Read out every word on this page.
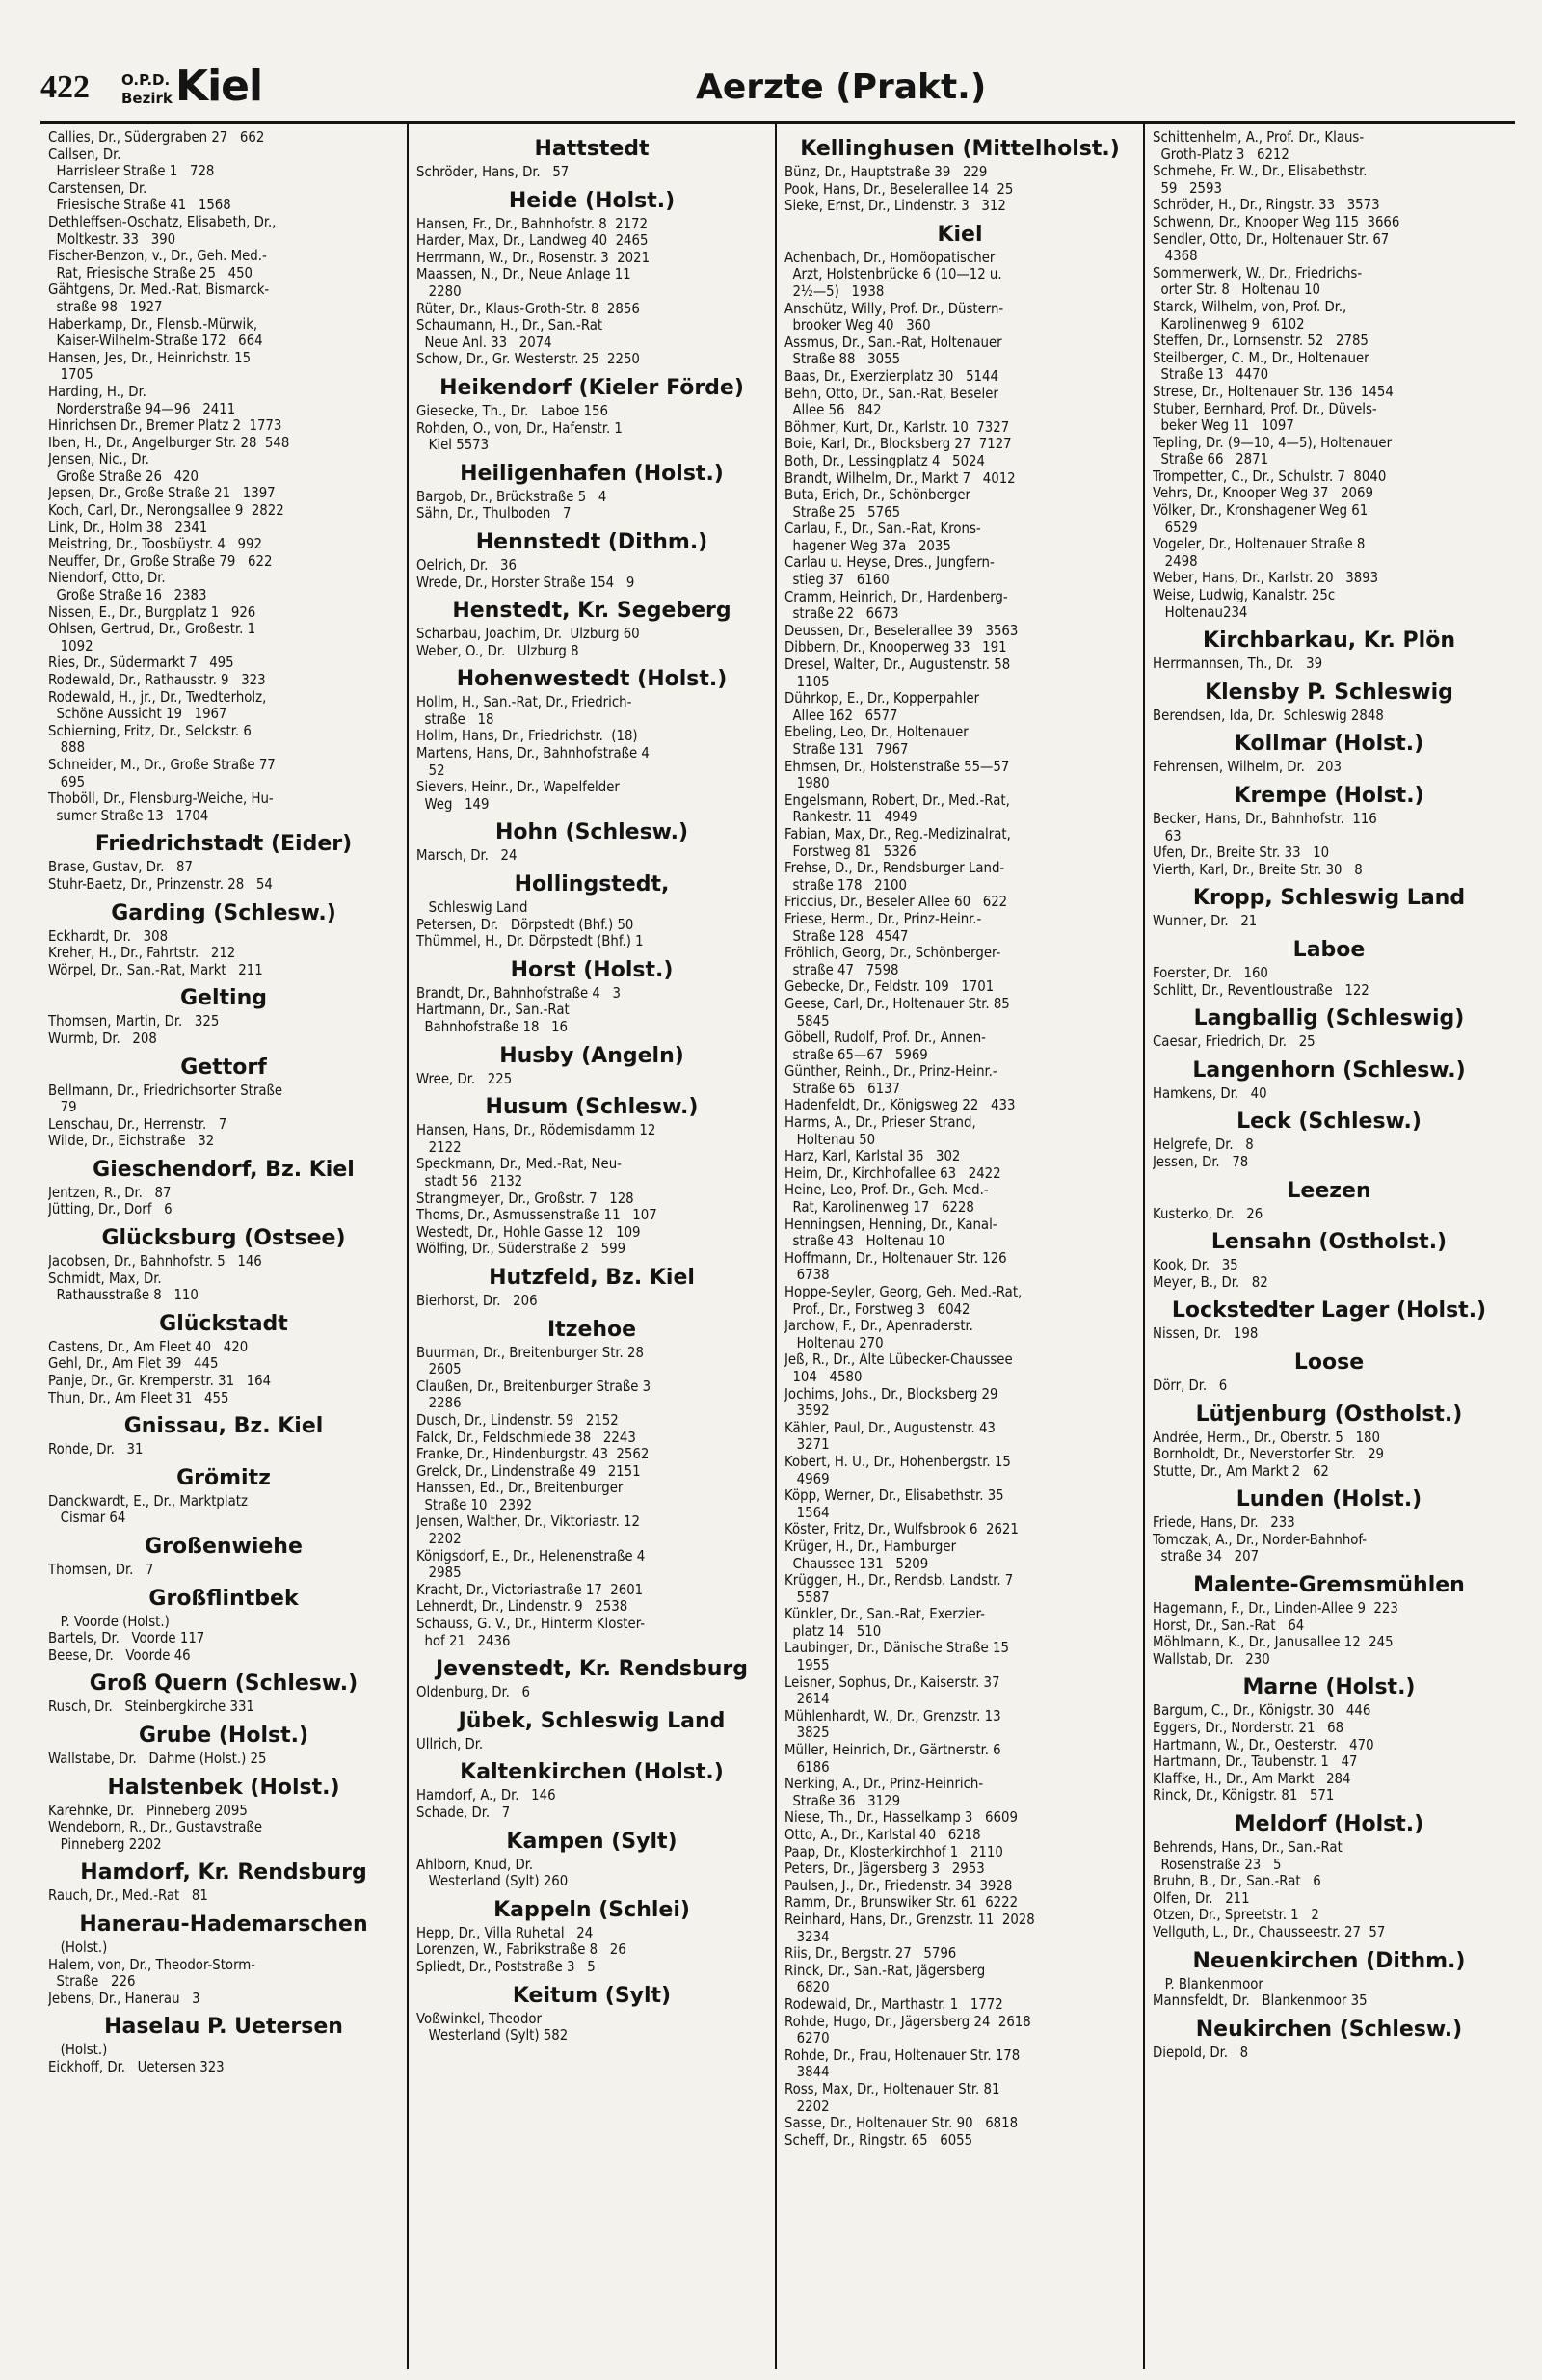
422 O.P.D.
Bezirk Kiel	Aerzte (Prakt.)
Callies, Dr., Südergraben 27   662
Callsen, Dr.
Harrisleer Straße 1   728
Carstensen, Dr.
Friesische Straße 41   1568
Dethleffsen-Oschatz, Elisabeth, Dr.,
Moltkestr. 33   390
Fischer-Benzon, v., Dr., Geh. Med.-
Rat, Friesische Straße 25   450
Gähtgens, Dr. Med.-Rat, Bismarck-
straße 98   1927
Haberkamp, Dr., Flensb.-Mürwik,
Kaiser-Wilhelm-Straße 172   664
Hansen, Jes, Dr., Heinrichstr. 15
1705
Harding, H., Dr.
Norderstraße 94—96   2411
Hinrichsen Dr., Bremer Platz 2  1773
Iben, H., Dr., Angelburger Str. 28  548
Jensen, Nic., Dr.
Große Straße 26   420
Jepsen, Dr., Große Straße 21   1397
Koch, Carl, Dr., Nerongsallee 9  2822
Link, Dr., Holm 38   2341
Meistring, Dr., Toosbüystr. 4   992
Neuffer, Dr., Große Straße 79   622
Niendorf, Otto, Dr.
Große Straße 16   2383
Nissen, E., Dr., Burgplatz 1   926
Ohlsen, Gertrud, Dr., Großestr. 1
1092
Ries, Dr., Südermarkt 7   495
Rodewald, Dr., Rathausstr. 9   323
Rodewald, H., jr., Dr., Twedterholz,
Schöne Aussicht 19   1967
Schierning, Fritz, Dr., Selckstr. 6
888
Schneider, M., Dr., Große Straße 77
695
Thoböll, Dr., Flensburg-Weiche, Hu-
sumer Straße 13   1704
Friedrichstadt (Eider)
Brase, Gustav, Dr.   87
Stuhr-Baetz, Dr., Prinzenstr. 28   54
Garding (Schlesw.)
Eckhardt, Dr.   308
Kreher, H., Dr., Fahrtstr.   212
Wörpel, Dr., San.-Rat, Markt   211
Gelting
Thomsen, Martin, Dr.   325
Wurmb, Dr.   208
Gettorf
Bellmann, Dr., Friedrichsorter Straße
79
Lenschau, Dr., Herrenstr.   7
Wilde, Dr., Eichstraße   32
Gieschendorf, Bz. Kiel
Jentzen, R., Dr.   87
Jütting, Dr., Dorf   6
Glücksburg (Ostsee)
Jacobsen, Dr., Bahnhofstr. 5   146
Schmidt, Max, Dr.
Rathausstraße 8   110
Glückstadt
Castens, Dr., Am Fleet 40   420
Gehl, Dr., Am Flet 39   445
Panje, Dr., Gr. Kremperstr. 31   164
Thun, Dr., Am Fleet 31   455
Gnissau, Bz. Kiel
Rohde, Dr.   31
Grömitz
Danckwardt, E., Dr., Marktplatz
Cismar 64
Großenwiehe
Thomsen, Dr.   7
Großflintbek
P. Voorde (Holst.)
Bartels, Dr.   Voorde 117
Beese, Dr.   Voorde 46
Groß Quern (Schlesw.)
Rusch, Dr.   Steinbergkirche 331
Grube (Holst.)
Wallstabe, Dr.   Dahme (Holst.) 25
Halstenbek (Holst.)
Karehnke, Dr.   Pinneberg 2095
Wendeborn, R., Dr., Gustavstraße
Pinneberg 2202
Hamdorf, Kr. Rendsburg
Rauch, Dr., Med.-Rat   81
Hanerau-Hademarschen
(Holst.)
Halem, von, Dr., Theodor-Storm-
Straße   226
Jebens, Dr., Hanerau   3
Haselau P. Uetersen
(Holst.)
Eickhoff, Dr.   Uetersen 323
Hattstedt
Schröder, Hans, Dr.   57
Heide (Holst.)
Hansen, Fr., Dr., Bahnhofstr. 8  2172
Harder, Max, Dr., Landweg 40  2465
Herrmann, W., Dr., Rosenstr. 3  2021
Maassen, N., Dr., Neue Anlage 11
2280
Rüter, Dr., Klaus-Groth-Str. 8  2856
Schaumann, H., Dr., San.-Rat
Neue Anl. 33   2074
Schow, Dr., Gr. Westerstr. 25  2250
Heikendorf (Kieler Förde)
Giesecke, Th., Dr.   Laboe 156
Rohden, O., von, Dr., Hafenstr. 1
Kiel 5573
Heiligenhafen (Holst.)
Bargob, Dr., Brückstraße 5   4
Sähn, Dr., Thulboden   7
Hennstedt (Dithm.)
Oelrich, Dr.   36
Wrede, Dr., Horster Straße 154   9
Henstedt, Kr. Segeberg
Scharbau, Joachim, Dr.  Ulzburg 60
Weber, O., Dr.   Ulzburg 8
Hohenwestedt (Holst.)
Hollm, H., San.-Rat, Dr., Friedrich-
straße   18
Hollm, Hans, Dr., Friedrichstr.  (18)
Martens, Hans, Dr., Bahnhofstraße 4
52
Sievers, Heinr., Dr., Wapelfelder
Weg   149
Hohn (Schlesw.)
Marsch, Dr.   24
Hollingstedt,
Schleswig Land
Petersen, Dr.   Dörpstedt (Bhf.) 50
Thümmel, H., Dr. Dörpstedt (Bhf.) 1
Horst (Holst.)
Brandt, Dr., Bahnhofstraße 4   3
Hartmann, Dr., San.-Rat
Bahnhofstraße 18   16
Husby (Angeln)
Wree, Dr.   225
Husum (Schlesw.)
Hansen, Hans, Dr., Rödemisdamm 12
2122
Speckmann, Dr., Med.-Rat, Neu-
stadt 56   2132
Strangmeyer, Dr., Großstr. 7   128
Thoms, Dr., Asmussenstraße 11   107
Westedt, Dr., Hohle Gasse 12   109
Wölfing, Dr., Süderstraße 2   599
Hutzfeld, Bz. Kiel
Bierhorst, Dr.   206
Itzehoe
Buurman, Dr., Breitenburger Str. 28
2605
Claußen, Dr., Breitenburger Straße 3
2286
Dusch, Dr., Lindenstr. 59   2152
Falck, Dr., Feldschmiede 38   2243
Franke, Dr., Hindenburgstr. 43  2562
Grelck, Dr., Lindenstraße 49   2151
Hanssen, Ed., Dr., Breitenburger
Straße 10   2392
Jensen, Walther, Dr., Viktoriastr. 12
2202
Königsdorf, E., Dr., Helenenstraße 4
2985
Kracht, Dr., Victoriastraße 17  2601
Lehnerdt, Dr., Lindenstr. 9   2538
Schauss, G. V., Dr., Hinterm Kloster-
hof 21   2436
Jevenstedt, Kr. Rendsburg
Oldenburg, Dr.   6
Jübek, Schleswig Land
Ullrich, Dr.
Kaltenkirchen (Holst.)
Hamdorf, A., Dr.   146
Schade, Dr.   7
Kampen (Sylt)
Ahlborn, Knud, Dr.
Westerland (Sylt) 260
Kappeln (Schlei)
Hepp, Dr., Villa Ruhetal   24
Lorenzen, W., Fabrikstraße 8   26
Spliedt, Dr., Poststraße 3   5
Keitum (Sylt)
Voßwinkel, Theodor
Westerland (Sylt) 582
Kellinghusen (Mittelholst.)
Bünz, Dr., Hauptstraße 39   229
Pook, Hans, Dr., Beselerallee 14  25
Sieke, Ernst, Dr., Lindenstr. 3   312
Kiel
Achenbach, Dr., Homöopatischer
Arzt, Holstenbrücke 6 (10—12 u.
2½—5)   1938
Anschütz, Willy, Prof. Dr., Düstern-
brooker Weg 40   360
Assmus, Dr., San.-Rat, Holtenauer
Straße 88   3055
Baas, Dr., Exerzierplatz 30   5144
Behn, Otto, Dr., San.-Rat, Beseler
Allee 56   842
Böhmer, Kurt, Dr., Karlstr. 10  7327
Boie, Karl, Dr., Blocksberg 27  7127
Both, Dr., Lessingplatz 4   5024
Brandt, Wilhelm, Dr., Markt 7   4012
Buta, Erich, Dr., Schönberger
Straße 25   5765
Carlau, F., Dr., San.-Rat, Krons-
hagener Weg 37a   2035
Carlau u. Heyse, Dres., Jungfern-
stieg 37   6160
Cramm, Heinrich, Dr., Hardenberg-
straße 22   6673
Deussen, Dr., Beselerallee 39   3563
Dibbern, Dr., Knooperweg 33   191
Dresel, Walter, Dr., Augustenstr. 58
1105
Dührkop, E., Dr., Kopperpahler
Allee 162   6577
Ebeling, Leo, Dr., Holtenauer
Straße 131   7967
Ehmsen, Dr., Holstenstraße 55—57
1980
Engelsmann, Robert, Dr., Med.-Rat,
Rankestr. 11   4949
Fabian, Max, Dr., Reg.-Medizinalrat,
Forstweg 81   5326
Frehse, D., Dr., Rendsburger Land-
straße 178   2100
Friccius, Dr., Beseler Allee 60   622
Friese, Herm., Dr., Prinz-Heinr.-
Straße 128   4547
Fröhlich, Georg, Dr., Schönberger-
straße 47   7598
Gebecke, Dr., Feldstr. 109   1701
Geese, Carl, Dr., Holtenauer Str. 85
5845
Göbell, Rudolf, Prof. Dr., Annen-
straße 65—67   5969
Günther, Reinh., Dr., Prinz-Heinr.-
Straße 65   6137
Hadenfeldt, Dr., Königsweg 22   433
Harms, A., Dr., Prieser Strand,
Holtenau 50
Harz, Karl, Karlstal 36   302
Heim, Dr., Kirchhofallee 63   2422
Heine, Leo, Prof. Dr., Geh. Med.-
Rat, Karolinenweg 17   6228
Henningsen, Henning, Dr., Kanal-
straße 43   Holtenau 10
Hoffmann, Dr., Holtenauer Str. 126
6738
Hoppe-Seyler, Georg, Geh. Med.-Rat,
Prof., Dr., Forstweg 3   6042
Jarchow, F., Dr., Apenraderstr.
Holtenau 270
Jeß, R., Dr., Alte Lübecker-Chaussee
104   4580
Jochims, Johs., Dr., Blocksberg 29
3592
Kähler, Paul, Dr., Augustenstr. 43
3271
Kobert, H. U., Dr., Hohenbergstr. 15
4969
Köpp, Werner, Dr., Elisabethstr. 35
1564
Köster, Fritz, Dr., Wulfsbrook 6  2621
Krüger, H., Dr., Hamburger
Chaussee 131   5209
Krüggen, H., Dr., Rendsb. Landstr. 7
5587
Künkler, Dr., San.-Rat, Exerzier-
platz 14   510
Laubinger, Dr., Dänische Straße 15
1955
Leisner, Sophus, Dr., Kaiserstr. 37
2614
Mühlenhardt, W., Dr., Grenzstr. 13
3825
Müller, Heinrich, Dr., Gärtnerstr. 6
6186
Nerking, A., Dr., Prinz-Heinrich-
Straße 36   3129
Niese, Th., Dr., Hasselkamp 3   6609
Otto, A., Dr., Karlstal 40   6218
Paap, Dr., Klosterkirchhof 1   2110
Peters, Dr., Jägersberg 3   2953
Paulsen, J., Dr., Friedenstr. 34  3928
Ramm, Dr., Brunswiker Str. 61  6222
Reinhard, Hans, Dr., Grenzstr. 11  2028
3234
Riis, Dr., Bergstr. 27   5796
Rinck, Dr., San.-Rat, Jägersberg
6820
Rodewald, Dr., Marthastr. 1   1772
Rohde, Hugo, Dr., Jägersberg 24  2618
6270
Rohde, Dr., Frau, Holtenauer Str. 178
3844
Ross, Max, Dr., Holtenauer Str. 81
2202
Sasse, Dr., Holtenauer Str. 90   6818
Scheff, Dr., Ringstr. 65   6055
Schittenhelm, A., Prof. Dr., Klaus-
Groth-Platz 3   6212
Schmehe, Fr. W., Dr., Elisabethstr.
59   2593
Schröder, H., Dr., Ringstr. 33   3573
Schwenn, Dr., Knooper Weg 115  3666
Sendler, Otto, Dr., Holtenauer Str. 67
4368
Sommerwerk, W., Dr., Friedrichs-
orter Str. 8   Holtenau 10
Starck, Wilhelm, von, Prof. Dr.,
Karolinenweg 9   6102
Steffen, Dr., Lornsenstr. 52   2785
Steilberger, C. M., Dr., Holtenauer
Straße 13   4470
Strese, Dr., Holtenauer Str. 136  1454
Stuber, Bernhard, Prof. Dr., Düvels-
beker Weg 11   1097
Tepling, Dr. (9—10, 4—5), Holtenauer
Straße 66   2871
Trompetter, C., Dr., Schulstr. 7  8040
Vehrs, Dr., Knooper Weg 37   2069
Völker, Dr., Kronshagener Weg 61
6529
Vogeler, Dr., Holtenauer Straße 8
2498
Weber, Hans, Dr., Karlstr. 20   3893
Weise, Ludwig, Kanalstr. 25c
Holtenau234
Kirchbarkau, Kr. Plön
Herrmannsen, Th., Dr.   39
Klensby P. Schleswig
Berendsen, Ida, Dr.  Schleswig 2848
Kollmar (Holst.)
Fehrensen, Wilhelm, Dr.   203
Krempe (Holst.)
Becker, Hans, Dr., Bahnhofstr.  116
63
Ufen, Dr., Breite Str. 33   10
Vierth, Karl, Dr., Breite Str. 30   8
Kropp, Schleswig Land
Wunner, Dr.   21
Laboe
Foerster, Dr.   160
Schlitt, Dr., Reventloustraße   122
Langballig (Schleswig)
Caesar, Friedrich, Dr.   25
Langenhorn (Schlesw.)
Hamkens, Dr.   40
Leck (Schlesw.)
Helgrefe, Dr.   8
Jessen, Dr.   78
Leezen
Kusterko, Dr.   26
Lensahn (Ostholst.)
Kook, Dr.   35
Meyer, B., Dr.   82
Lockstedter Lager (Holst.)
Nissen, Dr.   198
Loose
Dörr, Dr.   6
Lütjenburg (Ostholst.)
Andrée, Herm., Dr., Oberstr. 5   180
Bornholdt, Dr., Neverstorfer Str.   29
Stutte, Dr., Am Markt 2   62
Lunden (Holst.)
Friede, Hans, Dr.   233
Tomczak, A., Dr., Norder-Bahnhof-
straße 34   207
Malente-Gremsmühlen
Hagemann, F., Dr., Linden-Allee 9  223
Horst, Dr., San.-Rat   64
Möhlmann, K., Dr., Janusallee 12  245
Wallstab, Dr.   230
Marne (Holst.)
Bargum, C., Dr., Königstr. 30   446
Eggers, Dr., Norderstr. 21   68
Hartmann, W., Dr., Oesterstr.   470
Hartmann, Dr., Taubenstr. 1   47
Klaffke, H., Dr., Am Markt   284
Rinck, Dr., Königstr. 81   571
Meldorf (Holst.)
Behrends, Hans, Dr., San.-Rat
Rosenstraße 23   5
Bruhn, B., Dr., San.-Rat   6
Olfen, Dr.   211
Otzen, Dr., Spreetstr. 1   2
Vellguth, L., Dr., Chausseestr. 27  57
Neuenkirchen (Dithm.)
P. Blankenmoor
Mannsfeldt, Dr.   Blankenmoor 35
Neukirchen (Schlesw.)
Diepold, Dr.   8
